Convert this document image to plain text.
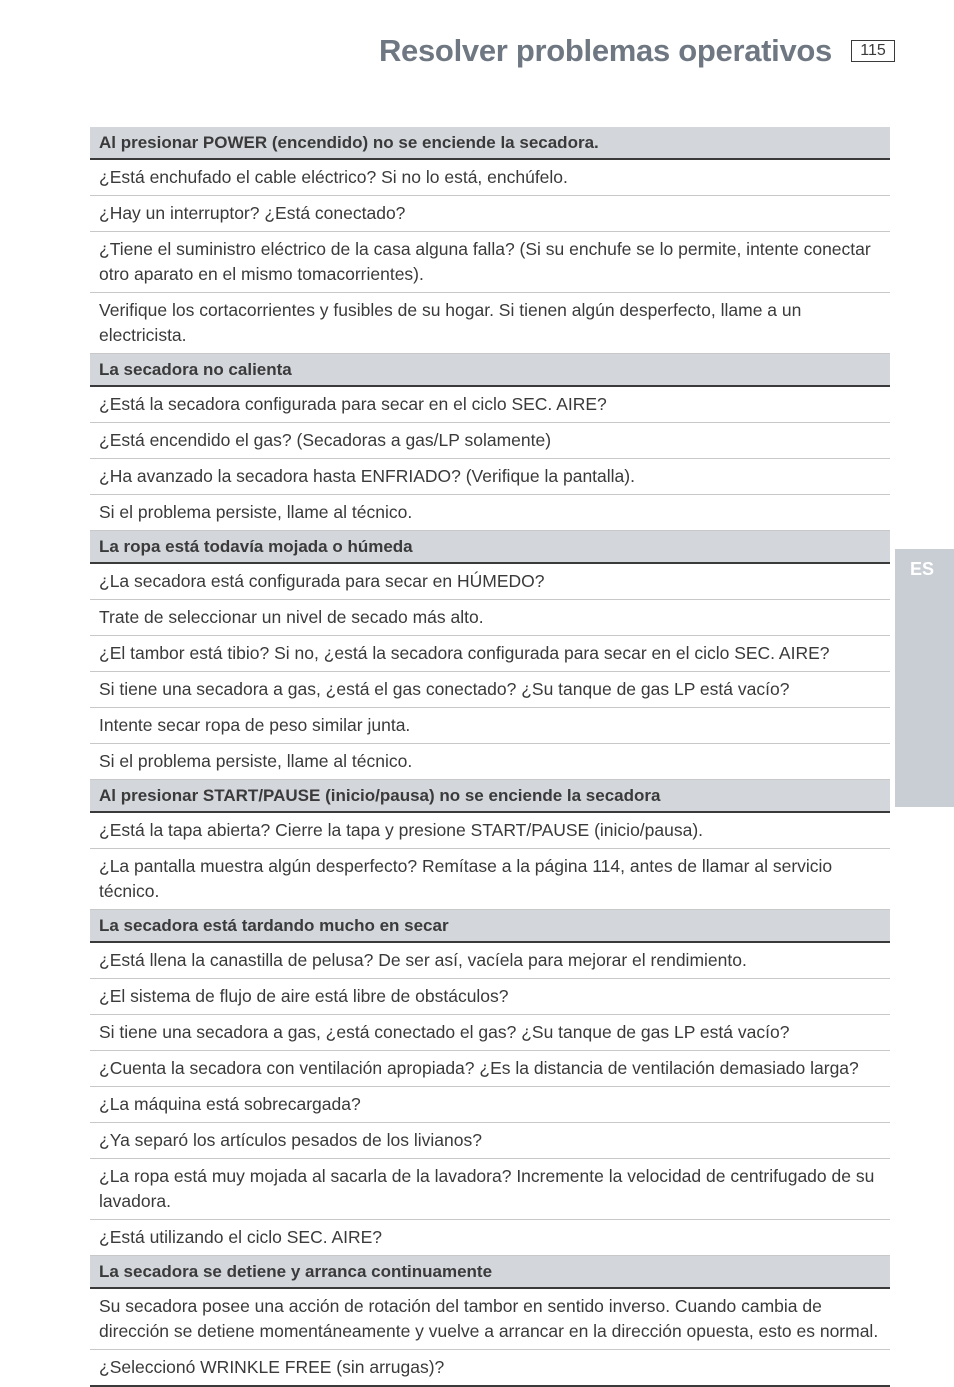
Resolver problemas operativos	115
ES
Al presionar POWER (encendido) no se enciende la secadora.
¿Está enchufado el cable eléctrico? Si no lo está, enchúfelo.
¿Hay un interruptor? ¿Está conectado?
¿Tiene el suministro eléctrico de la casa alguna falla? (Si su enchufe se lo permite, intente conectar otro aparato en el mismo tomacorrientes).
Verifique los cortacorrientes y fusibles de su hogar. Si tienen algún desperfecto, llame a un electricista.
La secadora no calienta
¿Está la secadora configurada para secar en el ciclo SEC. AIRE?
¿Está encendido el gas? (Secadoras a gas/LP solamente)
¿Ha avanzado la secadora hasta ENFRIADO? (Verifique la pantalla).
Si el problema persiste, llame al técnico.
La ropa está todavía mojada o húmeda
¿La secadora está configurada para secar en HÚMEDO?
Trate de seleccionar un nivel de secado más alto.
¿El tambor está tibio? Si no, ¿está la secadora configurada para secar en el ciclo SEC. AIRE?
Si tiene una secadora a gas, ¿está el gas conectado? ¿Su tanque de gas LP está vacío?
Intente secar ropa de peso similar junta.
Si el problema persiste, llame al técnico.
Al presionar START/PAUSE (inicio/pausa) no se enciende la secadora
¿Está la tapa abierta? Cierre la tapa y presione START/PAUSE (inicio/pausa).
¿La pantalla muestra algún desperfecto? Remítase a la página 114, antes de llamar al servicio técnico.
La secadora está tardando mucho en secar
¿Está llena la canastilla de pelusa? De ser así, vacíela para mejorar el rendimiento.
¿El sistema de flujo de aire está libre de obstáculos?
Si tiene una secadora a gas, ¿está conectado el gas? ¿Su tanque de gas LP está vacío?
¿Cuenta la secadora con ventilación apropiada? ¿Es la distancia de ventilación demasiado larga?
¿La máquina está sobrecargada?
¿Ya separó los artículos pesados de los livianos?
¿La ropa está muy mojada al sacarla de la lavadora? Incremente la velocidad de centrifugado de su lavadora.
¿Está utilizando el ciclo SEC. AIRE?
La secadora se detiene y arranca continuamente
Su secadora posee una acción de rotación del tambor en sentido inverso. Cuando cambia de dirección se detiene momentáneamente y vuelve a arrancar en la dirección opuesta, esto es normal.
¿Seleccionó WRINKLE FREE (sin arrugas)?
